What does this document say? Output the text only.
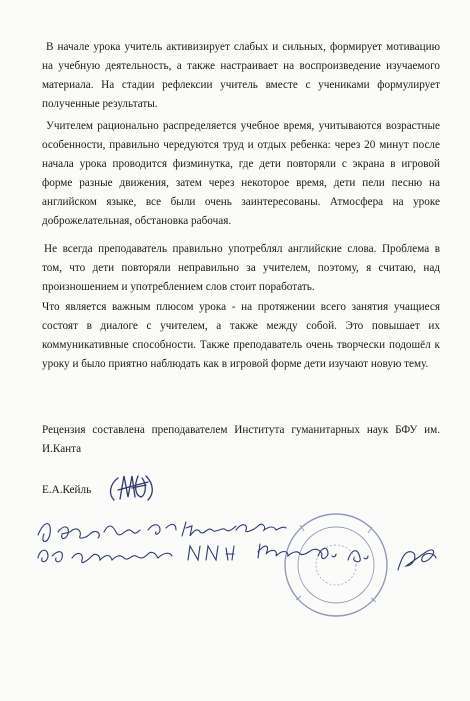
В начале урока учитель активизирует слабых и сильных, формирует мотивацию на учебную деятельность, а также настраивает на воспроизведение изучаемого материала. На стадии рефлексии учитель вместе с учениками формулирует полученные результаты.

Учителем рационально распределяется учебное время, учитываются возрастные особенности, правильно чередуются труд и отдых ребенка: через 20 минут после начала урока проводится физминутка, где дети повторяли с экрана в игровой форме разные движения, затем через некоторое время, дети пели песню на английском языке, все были очень заинтересованы. Атмосфера на уроке доброжелательная, обстановка рабочая.

Не всегда преподаватель правильно употреблял английские слова. Проблема в том, что дети повторяли неправильно за учителем, поэтому, я считаю, над произношением и употреблением слов стоит поработать.

Что является важным плюсом урока - на протяжении всего занятия учащиеся состоят в диалоге с учителем, а также между собой. Это повышает их коммуникативные способности. Также преподаватель очень творчески подошёл к уроку и было приятно наблюдать как в игровой форме дети изучают новую тему.

Рецензия составлена преподавателем Института гуманитарных наук БФУ им. И.Канта

Е.А.Кейль
